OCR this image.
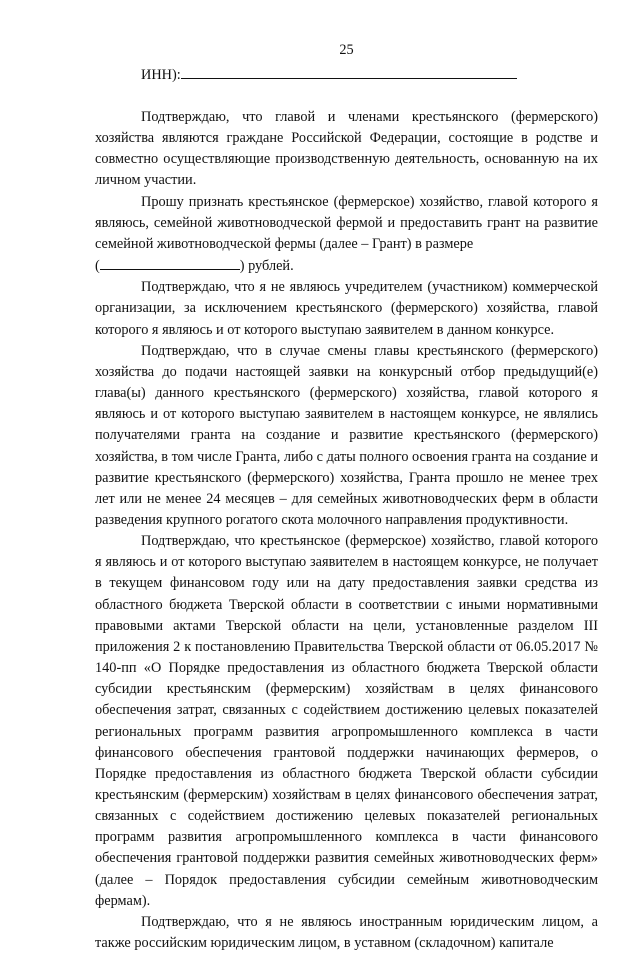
25
ИНН):

Подтверждаю, что главой и членами крестьянского (фермерского) хозяйства являются граждане Российской Федерации, состоящие в родстве и совместно осуществляющие производственную деятельность, основанную на их личном участии.

Прошу признать крестьянское (фермерское) хозяйство, главой которого я являюсь, семейной животноводческой фермой и предоставить грант на развитие семейной животноводческой фермы (далее – Грант) в размере

(	) рублей.

Подтверждаю, что я не являюсь учредителем (участником) коммерческой организации, за исключением крестьянского (фермерского) хозяйства, главой которого я являюсь и от которого выступаю заявителем в данном конкурсе.

Подтверждаю, что в случае смены главы крестьянского (фермерского) хозяйства до подачи настоящей заявки на конкурсный отбор предыдущий(е) глава(ы) данного крестьянского (фермерского) хозяйства, главой которого я являюсь и от которого выступаю заявителем в настоящем конкурсе, не являлись получателями гранта на создание и развитие крестьянского (фермерского) хозяйства, в том числе Гранта, либо с даты полного освоения гранта на создание и развитие крестьянского (фермерского) хозяйства, Гранта прошло не менее трех лет или не менее 24 месяцев – для семейных животноводческих ферм в области разведения крупного рогатого скота молочного направления продуктивности.

Подтверждаю, что крестьянское (фермерское) хозяйство, главой которого я являюсь и от которого выступаю заявителем в настоящем конкурсе, не получает в текущем финансовом году или на дату предоставления заявки средства из областного бюджета Тверской области в соответствии с иными нормативными правовыми актами Тверской области на цели, установленные разделом III приложения 2 к постановлению Правительства Тверской области от 06.05.2017 № 140-пп «О Порядке предоставления из областного бюджета Тверской области субсидии крестьянским (фермерским) хозяйствам в целях финансового обеспечения затрат, связанных с содействием достижению целевых показателей региональных программ развития агропромышленного комплекса в части финансового обеспечения грантовой поддержки начинающих фермеров, о Порядке предоставления из областного бюджета Тверской области субсидии крестьянским (фермерским) хозяйствам в целях финансового обеспечения затрат, связанных с содействием достижению целевых показателей региональных программ развития агропромышленного комплекса в части финансового обеспечения грантовой поддержки развития семейных животноводческих ферм» (далее – Порядок предоставления субсидии семейным животноводческим фермам).

Подтверждаю, что я не являюсь иностранным юридическим лицом, а также российским юридическим лицом, в уставном (складочном) капитале
